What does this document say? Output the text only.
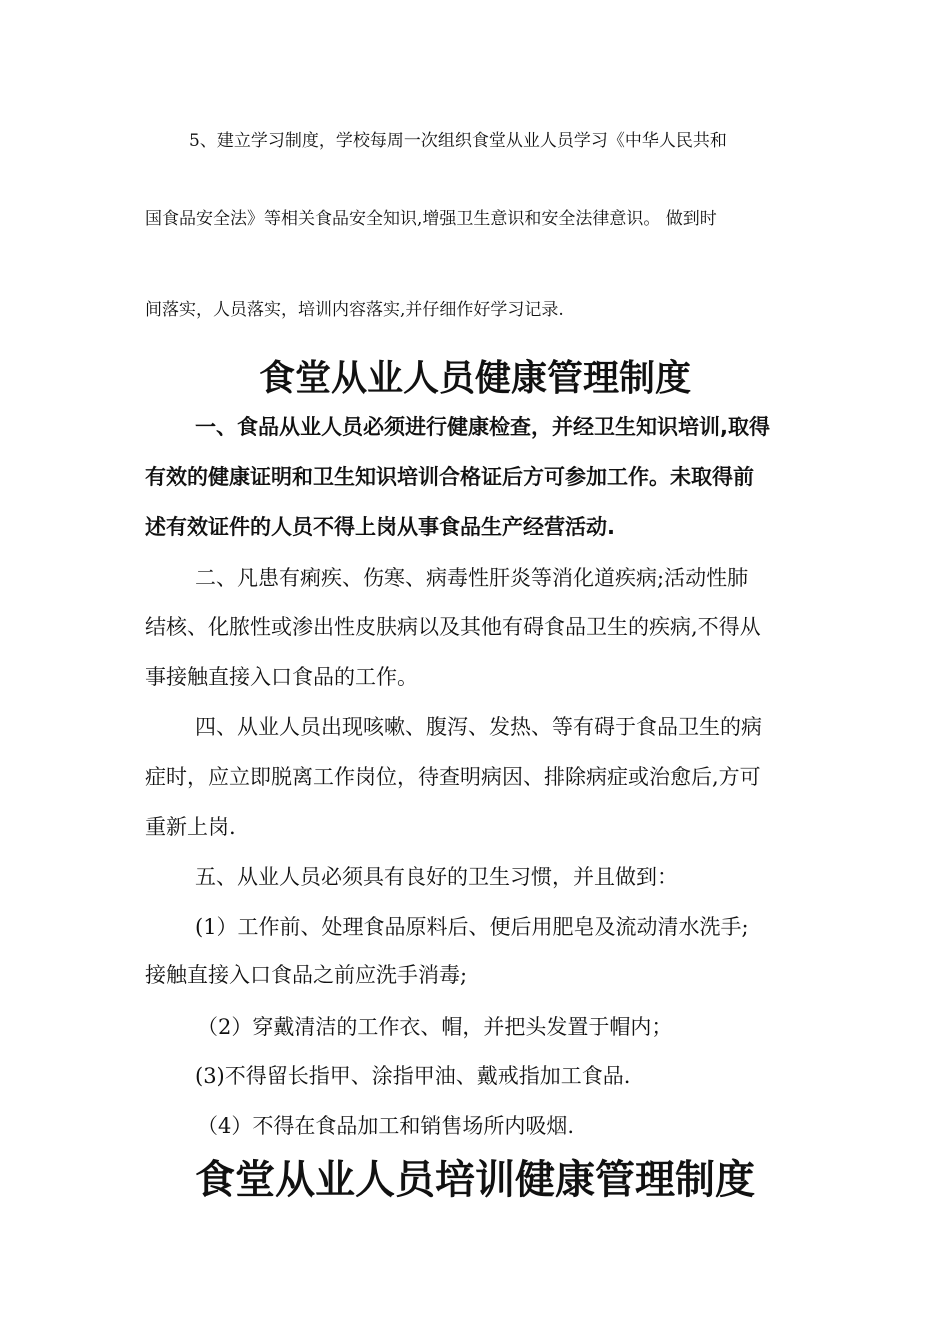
5、建立学习制度，学校每周一次组织食堂从业人员学习《中华人民共和

国食品安全法》等相关食品安全知识,增强卫生意识和安全法律意识。 做到时

间落实，人员落实，培训内容落实,并仔细作好学习记录.

食堂从业人员健康管理制度

一、食品从业人员必须进行健康检查，并经卫生知识培训,取得

有效的健康证明和卫生知识培训合格证后方可参加工作。未取得前

述有效证件的人员不得上岗从事食品生产经营活动.

二、凡患有痢疾、伤寒、病毒性肝炎等消化道疾病;活动性肺

结核、化脓性或渗出性皮肤病以及其他有碍食品卫生的疾病,不得从

事接触直接入口食品的工作。

四、从业人员出现咳嗽、腹泻、发热、等有碍于食品卫生的病

症时，应立即脱离工作岗位，待查明病因、排除病症或治愈后,方可

重新上岗.

五、从业人员必须具有良好的卫生习惯，并且做到：

(1）工作前、处理食品原料后、便后用肥皂及流动清水洗手;

接触直接入口食品之前应洗手消毒;

（2）穿戴清洁的工作衣、帽，并把头发置于帽内；

(3)不得留长指甲、涂指甲油、戴戒指加工食品.

（4）不得在食品加工和销售场所内吸烟.

食堂从业人员培训健康管理制度
